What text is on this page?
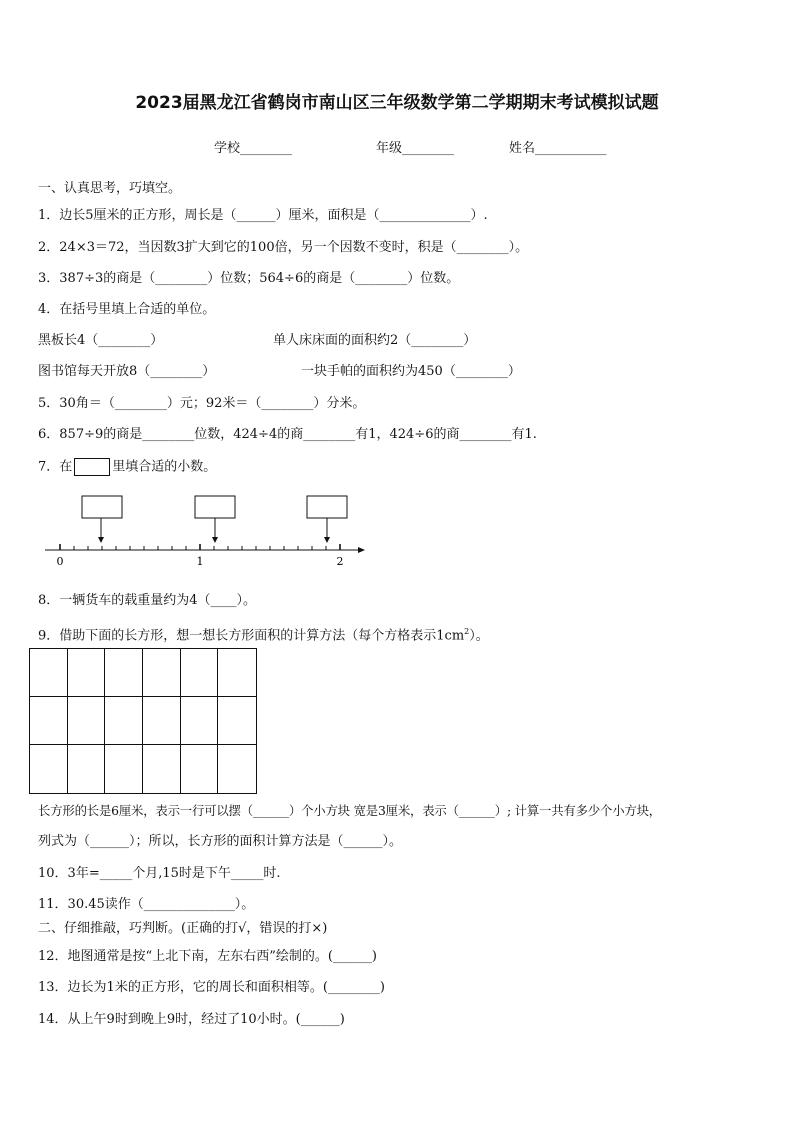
2023届黑龙江省鹤岗市南山区三年级数学第二学期期末考试模拟试题
学校________	年级________	姓名___________
一、认真思考，巧填空。
1．边长5厘米的正方形，周长是（______）厘米，面积是（______________）.
2．24×3＝72，当因数3扩大到它的100倍，另一个因数不变时，积是（________）。
3．387÷3的商是（________）位数；564÷6的商是（________）位数。
4．在括号里填上合适的单位。
黑板长4（________）	单人床床面的面积约2（________）
图书馆每天开放8（________）	一块手帕的面积约为450（________）
5．30角＝（________）元；92米＝（________）分米。
6．857÷9的商是________位数，424÷4的商________有1，424÷6的商________有1.
7．在	里填合适的小数。
0	1	2
8．一辆货车的载重量约为4（____）。
9．借助下面的长方形，想一想长方形面积的计算方法（每个方格表示$1cm^2$）。
长方形的长是6厘米，表示一行可以摆（______）个小方块 宽是3厘米，表示（______）; 计算一共有多少个小方块，
列式为（______）；所以，长方形的面积计算方法是（______）。
10．3年=_____个月,15时是下午_____时.
11．30.45读作（______________）。
二、仔细推敲，巧判断。(正确的打√，错误的打×)
12．地图通常是按“上北下南，左东右西”绘制的。(______)
13．边长为1米的正方形，它的周长和面积相等。(________)
14．从上午9时到晚上9时，经过了10小时。(______)
